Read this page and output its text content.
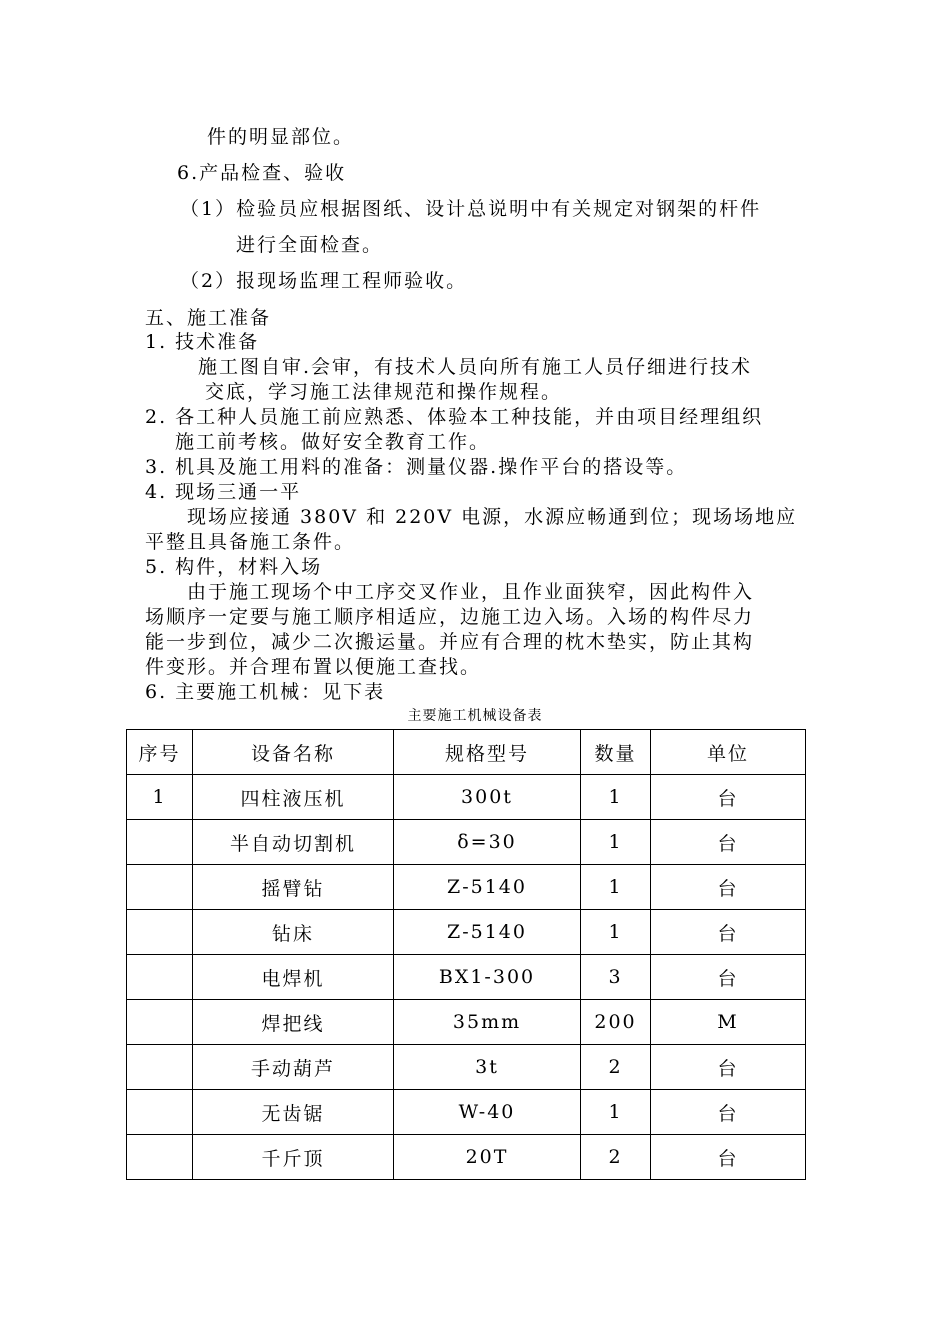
件的明显部位。
6.产品检查、验收
（1）检验员应根据图纸、设计总说明中有关规定对钢架的杆件
进行全面检查。
（2）报现场监理工程师验收。
五、施工准备
1. 技术准备
施工图自审.会审，有技术人员向所有施工人员仔细进行技术
交底，学习施工法律规范和操作规程。
2. 各工种人员施工前应熟悉、体验本工种技能，并由项目经理组织
施工前考核。做好安全教育工作。
3. 机具及施工用料的准备：测量仪器.操作平台的搭设等。
4. 现场三通一平
现场应接通 380V 和 220V 电源，水源应畅通到位；现场场地应
平整且具备施工条件。
5. 构件，材料入场
由于施工现场个中工序交叉作业，且作业面狭窄，因此构件入
场顺序一定要与施工顺序相适应，边施工边入场。入场的构件尽力
能一步到位，减少二次搬运量。并应有合理的枕木垫实，防止其构
件变形。并合理布置以便施工查找。
6. 主要施工机械：见下表
主要施工机械设备表
序号	设备名称	规格型号	数量	单位
1	四柱液压机	300t	1	台
	半自动切割机	δ=30	1	台
	摇臂钻	Z-5140	1	台
	钻床	Z-5140	1	台
	电焊机	BX1-300	3	台
	焊把线	35mm	200	M
	手动葫芦	3t	2	台
	无齿锯	W-40	1	台
	千斤顶	20T	2	台
